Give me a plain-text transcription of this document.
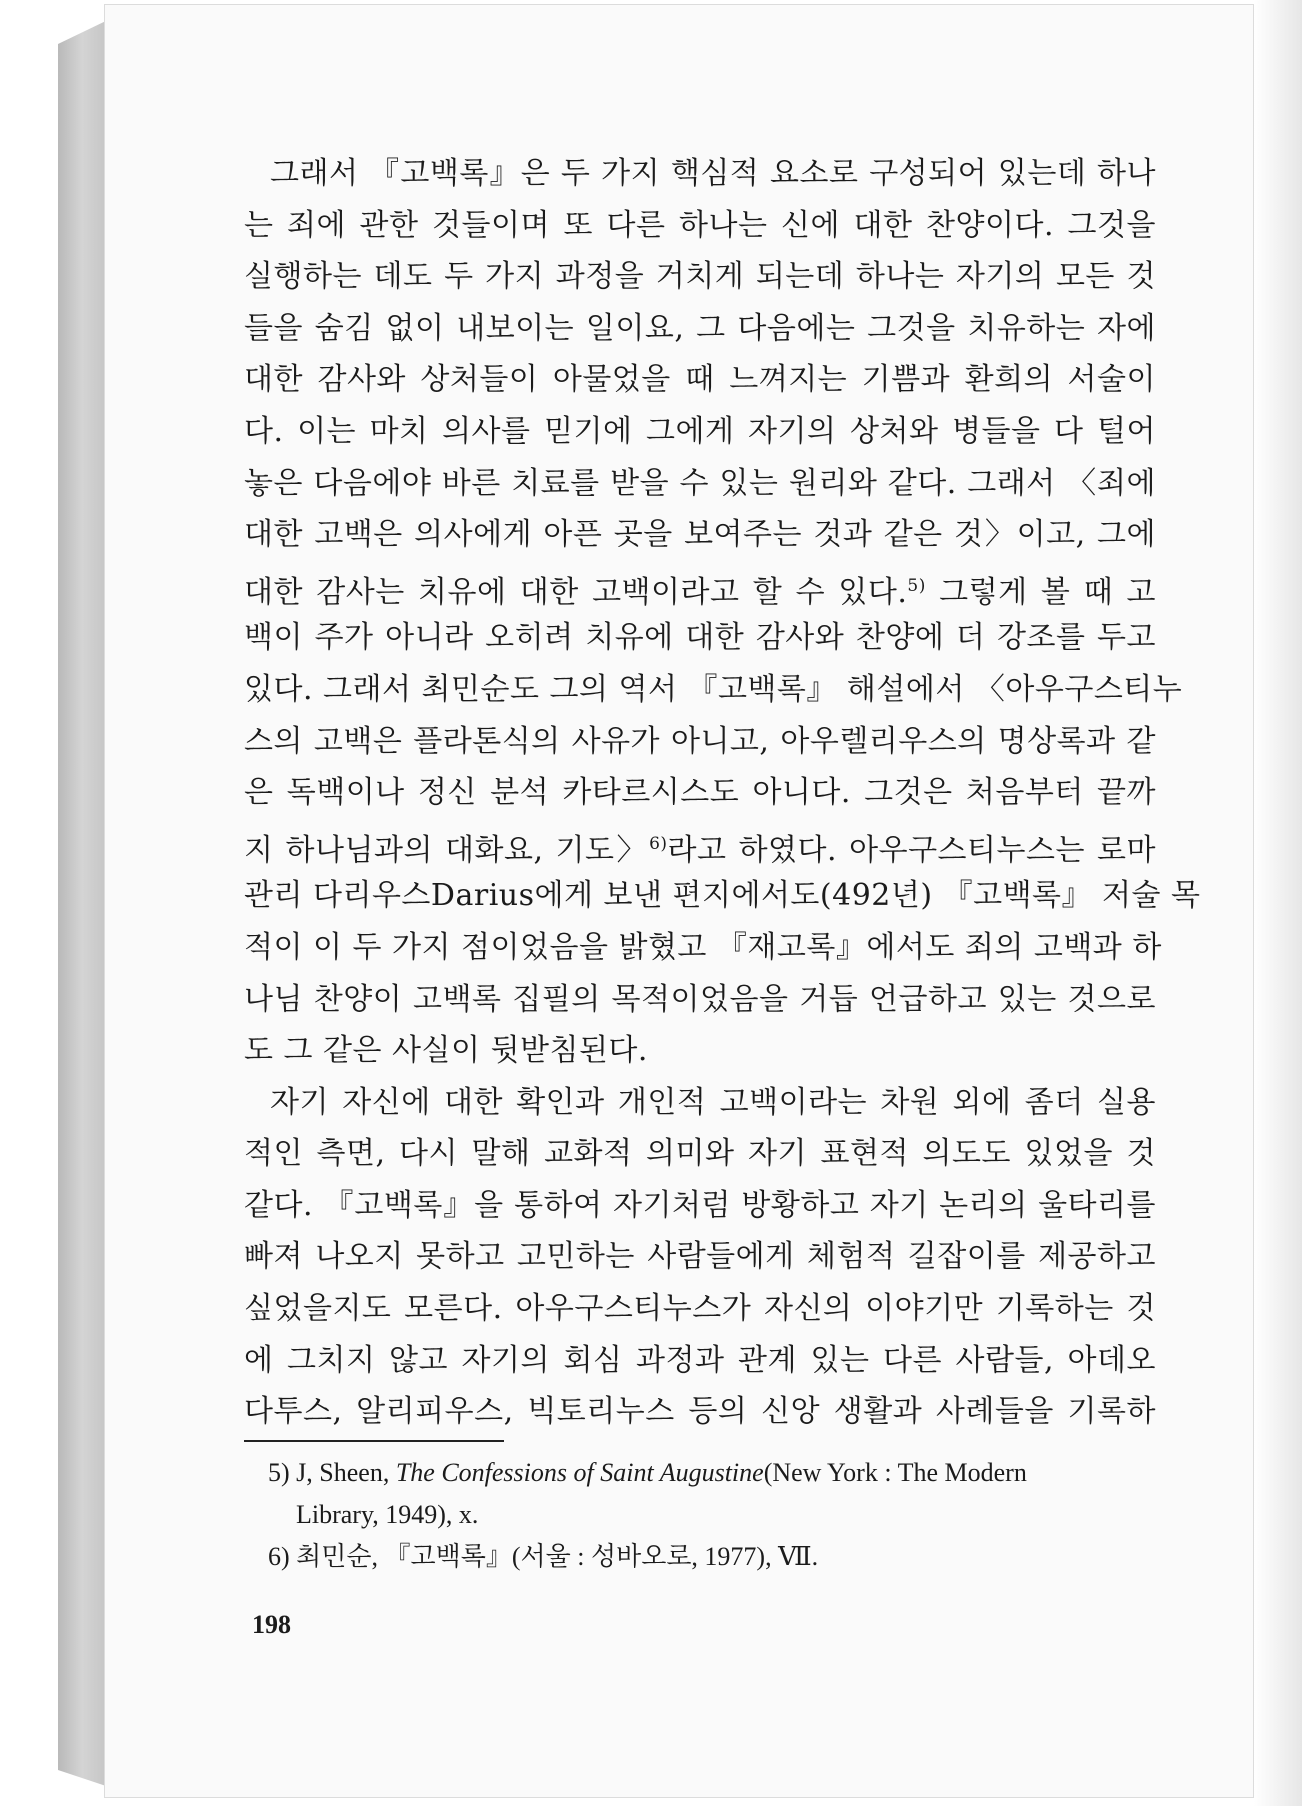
그래서 『고백록』은 두 가지 핵심적 요소로 구성되어 있는데 하나
는 죄에 관한 것들이며 또 다른 하나는 신에 대한 찬양이다. 그것을
실행하는 데도 두 가지 과정을 거치게 되는데 하나는 자기의 모든 것
들을 숨김 없이 내보이는 일이요, 그 다음에는 그것을 치유하는 자에
대한 감사와 상처들이 아물었을 때 느껴지는 기쁨과 환희의 서술이
다. 이는 마치 의사를 믿기에 그에게 자기의 상처와 병들을 다 털어
놓은 다음에야 바른 치료를 받을 수 있는 원리와 같다. 그래서 〈죄에
대한 고백은 의사에게 아픈 곳을 보여주는 것과 같은 것〉이고, 그에
대한 감사는 치유에 대한 고백이라고 할 수 있다.$^{5)}$ 그렇게 볼 때 고
백이 주가 아니라 오히려 치유에 대한 감사와 찬양에 더 강조를 두고
있다. 그래서 최민순도 그의 역서 『고백록』 해설에서 〈아우구스티누
스의 고백은 플라톤식의 사유가 아니고, 아우렐리우스의 명상록과 같
은 독백이나 정신 분석 카타르시스도 아니다. 그것은 처음부터 끝까
지 하나님과의 대화요, 기도〉$^{6)}$라고 하였다. 아우구스티누스는 로마
관리 다리우스Darius에게 보낸 편지에서도(492년) 『고백록』 저술 목
적이 이 두 가지 점이었음을 밝혔고 『재고록』에서도 죄의 고백과 하
나님 찬양이 고백록 집필의 목적이었음을 거듭 언급하고 있는 것으로
도 그 같은 사실이 뒷받침된다.
자기 자신에 대한 확인과 개인적 고백이라는 차원 외에 좀더 실용
적인 측면, 다시 말해 교화적 의미와 자기 표현적 의도도 있었을 것
같다. 『고백록』을 통하여 자기처럼 방황하고 자기 논리의 울타리를
빠져 나오지 못하고 고민하는 사람들에게 체험적 길잡이를 제공하고
싶었을지도 모른다. 아우구스티누스가 자신의 이야기만 기록하는 것
에 그치지 않고 자기의 회심 과정과 관계 있는 다른 사람들, 아데오
다투스, 알리피우스, 빅토리누스 등의 신앙 생활과 사례들을 기록하
5) J, Sheen, The Confessions of Saint Augustine(New York : The Modern
Library, 1949), x.
6) 최민순, 『고백록』(서울 : 성바오로, 1977), Ⅶ.
198
